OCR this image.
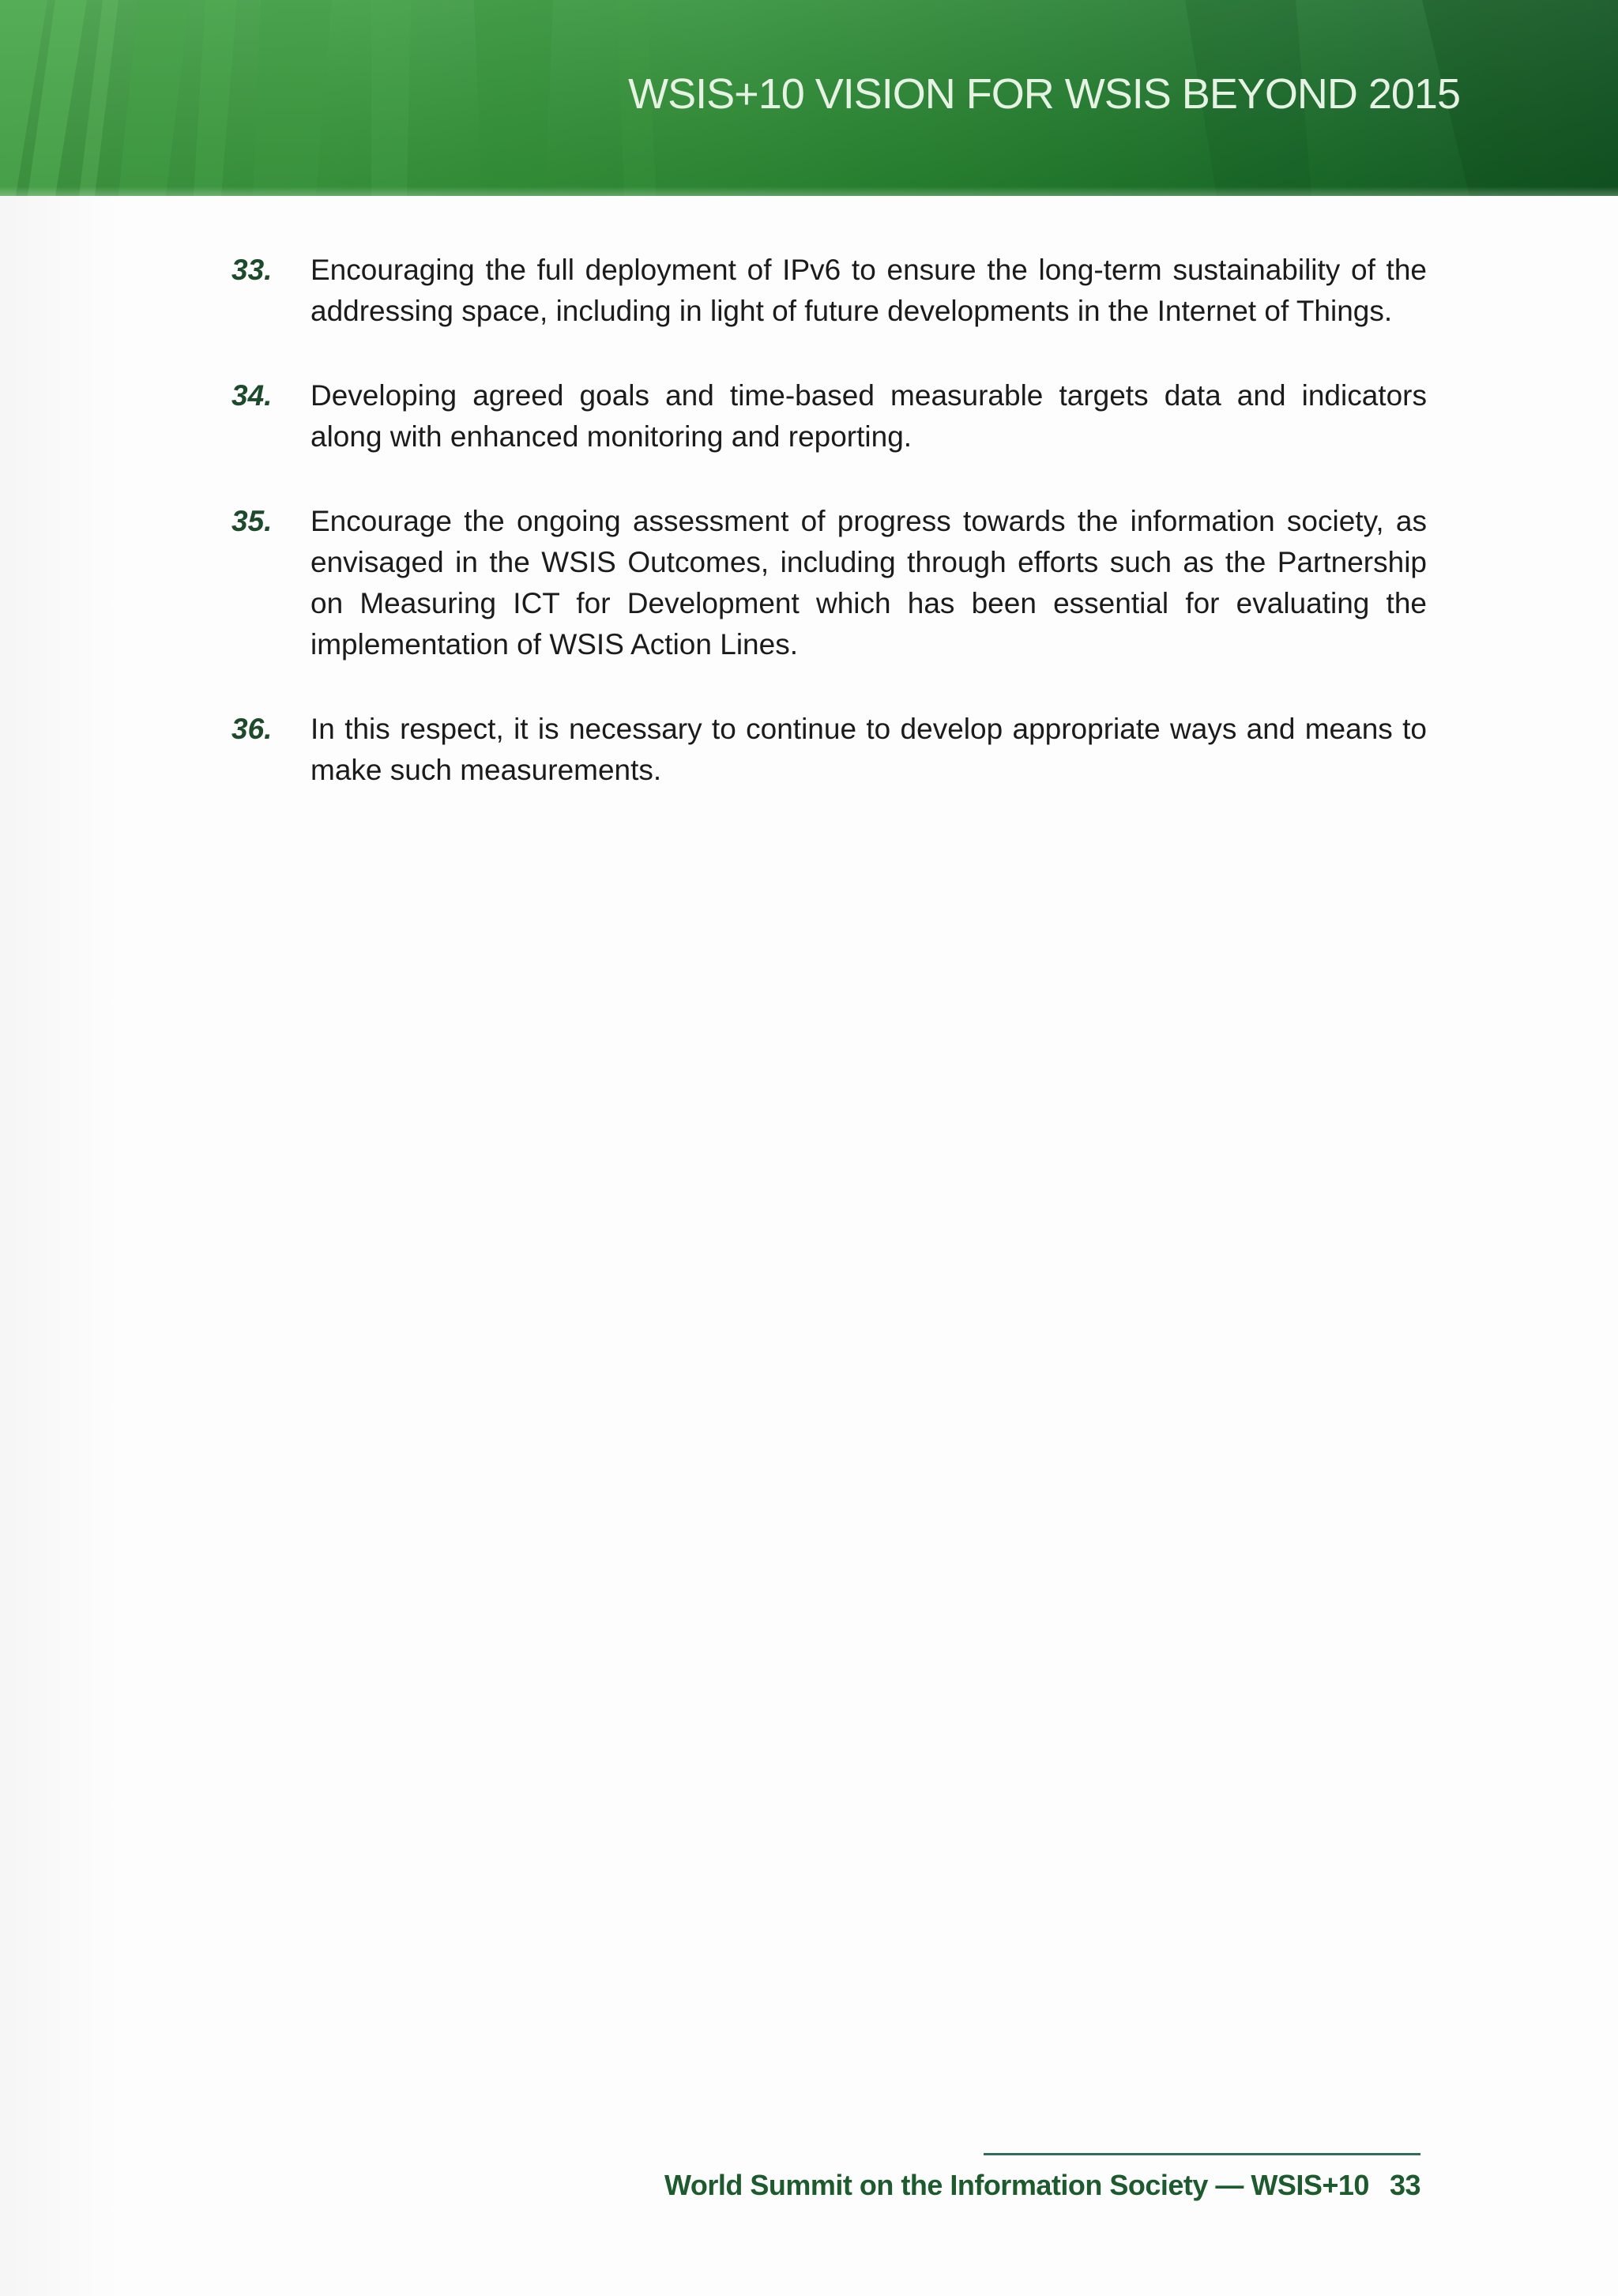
WSIS+10 VISION FOR WSIS BEYOND 2015
33.	Encouraging the full deployment of IPv6 to ensure the long-term sustainability of the addressing space, including in light of future developments in the Internet of Things.
34.	Developing agreed goals and time-based measurable targets data and indicators along with enhanced monitoring and reporting.
35.	Encourage the ongoing assessment of progress towards the information society, as envisaged in the WSIS Outcomes, including through efforts such as the Partnership on Measuring ICT for Development which has been essential for evaluating the implementation of WSIS Action Lines.
36.	In this respect, it is necessary to continue to develop appropriate ways and means to make such measurements.
World Summit on the Information Society — WSIS+10 33
